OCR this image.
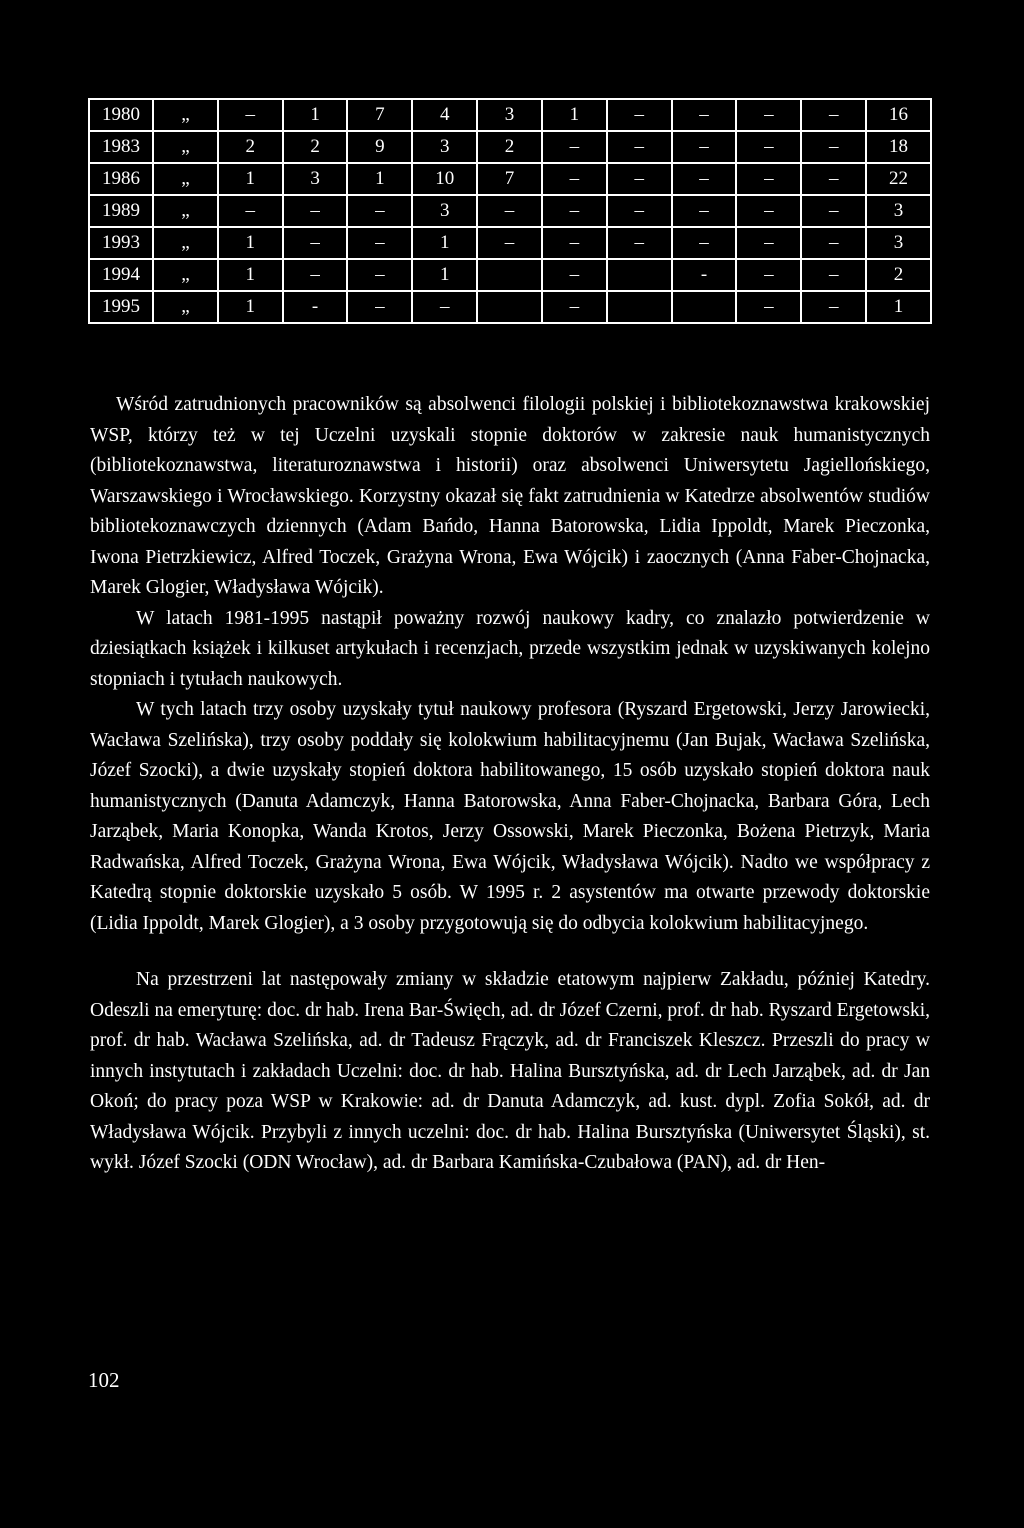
1980	„	–	1	7	4	3	1	–	–	–	–	16
1983	„	2	2	9	3	2	–	–	–	–	–	18
1986	„	1	3	1	10	7	–	–	–	–	–	22
1989	„	–	–	–	3	–	–	–	–	–	–	3
1993	„	1	–	–	1	–	–	–	–	–	–	3
1994	„	1	–	–	1		–		-	–	–	2
1995	„	1	-	–	–		–			–	–	1

Wśród zatrudnionych pracowników są absolwenci filologii polskiej i bibliotekoznawstwa krakowskiej WSP, którzy też w tej Uczelni uzyskali stopnie doktorów w zakresie nauk humanistycznych (bibliotekoznawstwa, literaturoznawstwa i historii) oraz absolwenci Uniwersytetu Jagiellońskiego, Warszawskiego i Wrocławskiego. Korzystny okazał się fakt zatrudnienia w Katedrze absolwentów studiów bibliotekoznawczych dziennych (Adam Bańdo, Hanna Batorowska, Lidia Ippoldt, Marek Pieczonka, Iwona Pietrzkiewicz, Alfred Toczek, Grażyna Wrona, Ewa Wójcik) i zaocznych (Anna Faber-Chojnacka, Marek Glogier, Władysława Wójcik).

W latach 1981-1995 nastąpił poważny rozwój naukowy kadry, co znalazło potwierdzenie w dziesiątkach książek i kilkuset artykułach i recenzjach, przede wszystkim jednak w uzyskiwanych kolejno stopniach i tytułach naukowych.

W tych latach trzy osoby uzyskały tytuł naukowy profesora (Ryszard Ergetowski, Jerzy Jarowiecki, Wacława Szelińska), trzy osoby poddały się kolokwium habilitacyjnemu (Jan Bujak, Wacława Szelińska, Józef Szocki), a dwie uzyskały stopień doktora habilitowanego, 15 osób uzyskało stopień doktora nauk humanistycznych (Danuta Adamczyk, Hanna Batorowska, Anna Faber-Chojnacka, Barbara Góra, Lech Jarząbek, Maria Konopka, Wanda Krotos, Jerzy Ossowski, Marek Pieczonka, Bożena Pietrzyk, Maria Radwańska, Alfred Toczek, Grażyna Wrona, Ewa Wójcik, Władysława Wójcik). Nadto we współpracy z Katedrą stopnie doktorskie uzyskało 5 osób. W 1995 r. 2 asystentów ma otwarte przewody doktorskie (Lidia Ippoldt, Marek Glogier), a 3 osoby przygotowują się do odbycia kolokwium habilitacyjnego.

Na przestrzeni lat następowały zmiany w składzie etatowym najpierw Zakładu, później Katedry. Odeszli na emeryturę: doc. dr hab. Irena Bar-Święch, ad. dr Józef Czerni, prof. dr hab. Ryszard Ergetowski, prof. dr hab. Wacława Szelińska, ad. dr Tadeusz Frączyk, ad. dr Franciszek Kleszcz. Przeszli do pracy w innych instytutach i zakładach Uczelni: doc. dr hab. Halina Bursztyńska, ad. dr Lech Jarząbek, ad. dr Jan Okoń; do pracy poza WSP w Krakowie: ad. dr Danuta Adamczyk, ad. kust. dypl. Zofia Sokół, ad. dr Władysława Wójcik. Przybyli z innych uczelni: doc. dr hab. Halina Bursztyńska (Uniwersytet Śląski), st. wykł. Józef Szocki (ODN Wrocław), ad. dr Barbara Kamińska-Czubałowa (PAN), ad. dr Hen-

102
